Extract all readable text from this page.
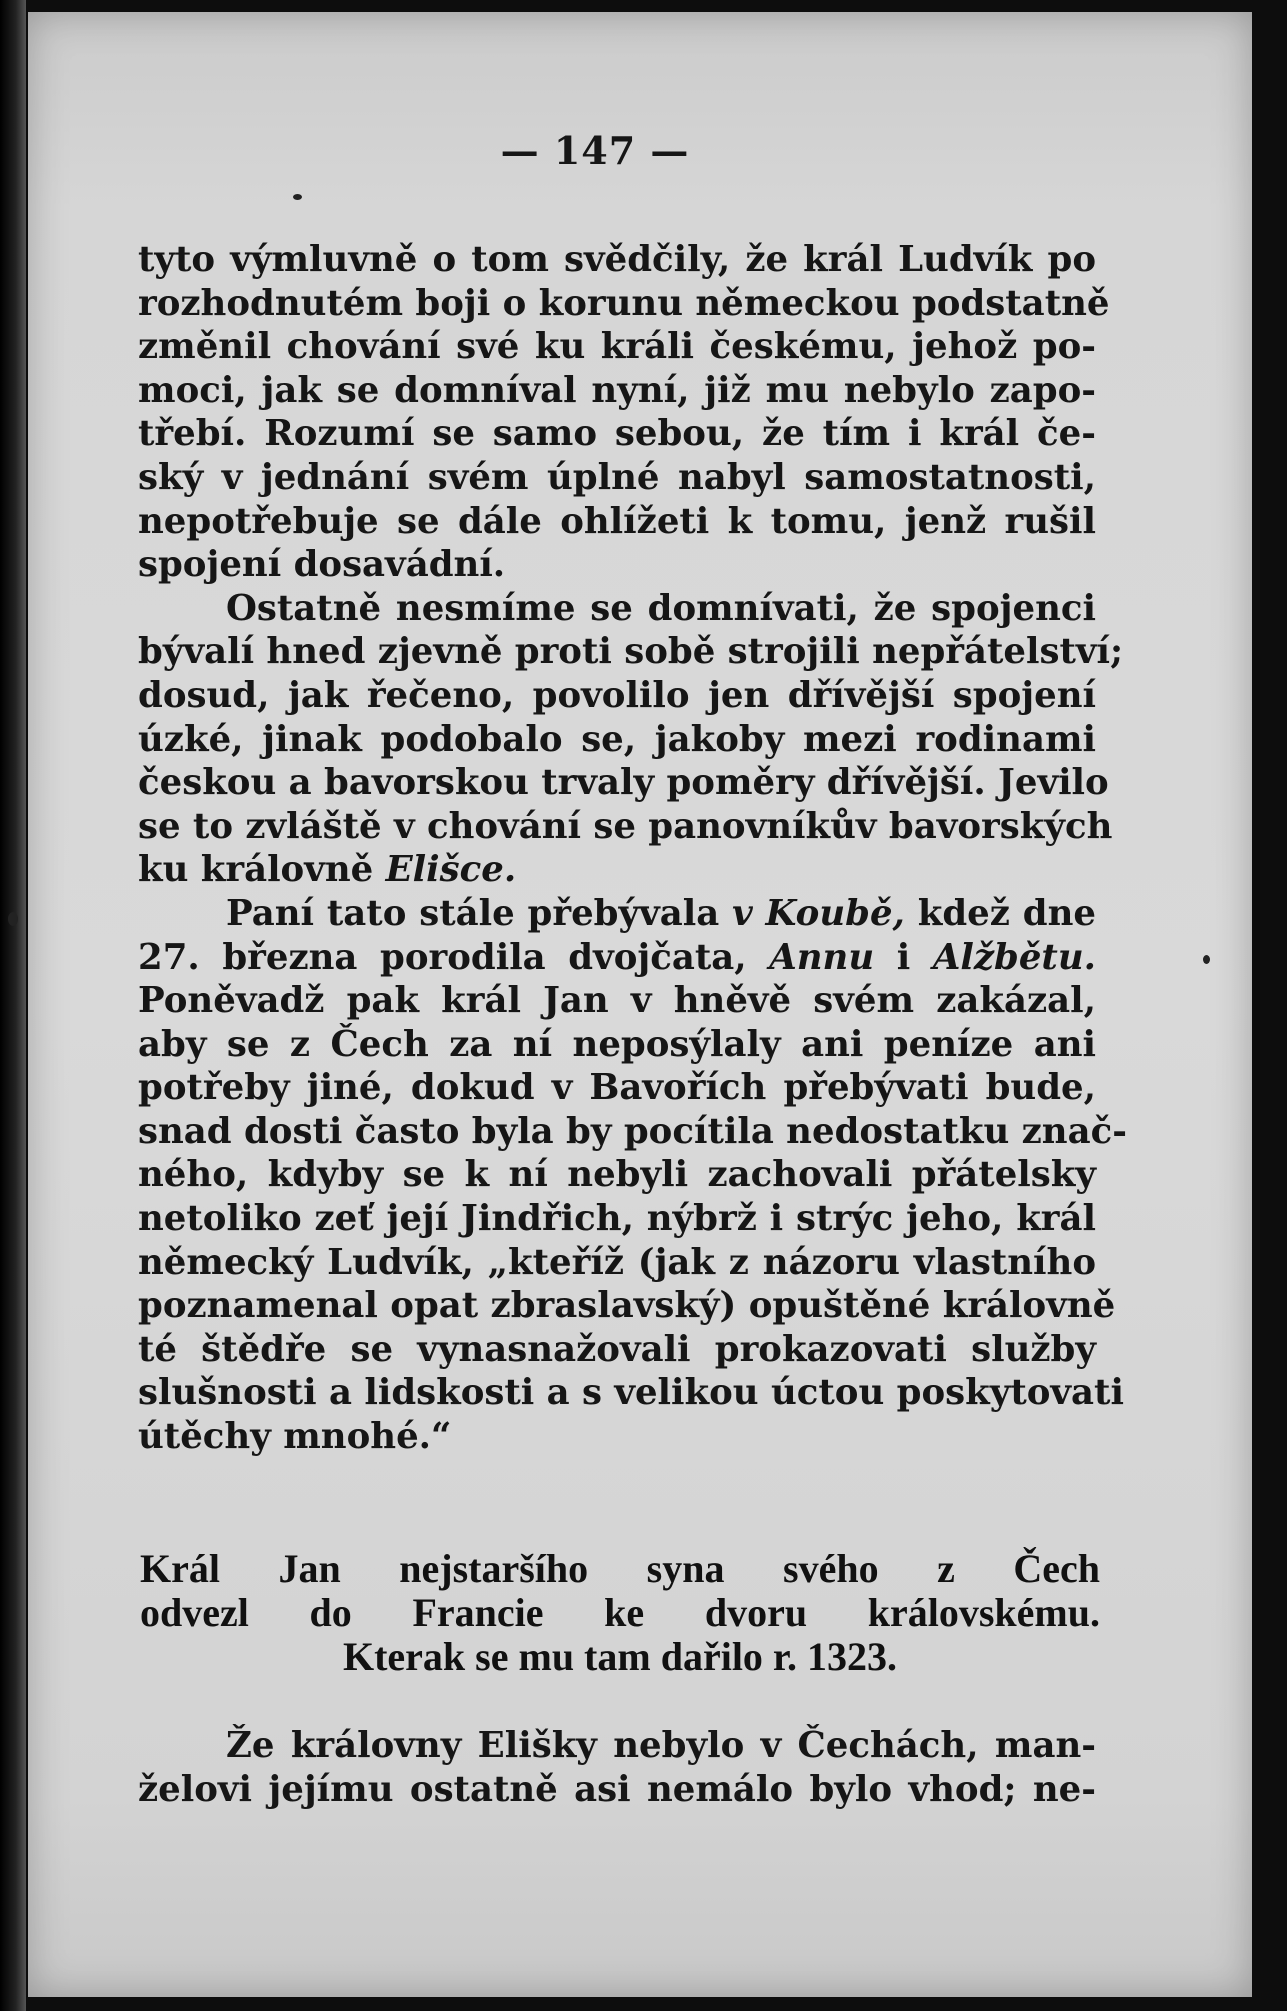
— 147 —
tyto výmluvně o tom svědčily, že král Ludvík po
rozhodnutém boji o korunu německou podstatně
změnil chování své ku králi českému, jehož po-
moci, jak se domníval nyní, již mu nebylo zapo-
třebí. Rozumí se samo sebou, že tím i král če-
ský v jednání svém úplné nabyl samostatnosti,
nepotřebuje se dále ohlížeti k tomu, jenž rušil
spojení dosavádní.
Ostatně nesmíme se domnívati, že spojenci
bývalí hned zjevně proti sobě strojili nepřátelství;
dosud, jak řečeno, povolilo jen dřívější spojení
úzké, jinak podobalo se, jakoby mezi rodinami
českou a bavorskou trvaly poměry dřívější. Jevilo
se to zvláště v chování se panovníkův bavorských
ku královně Elišce.
Paní tato stále přebývala v Koubě, kdež dne
27. března porodila dvojčata, Annu i Alžbětu.
Poněvadž pak král Jan v hněvě svém zakázal,
aby se z Čech za ní neposýlaly ani peníze ani
potřeby jiné, dokud v Bavořích přebývati bude,
snad dosti často byla by pocítila nedostatku znač-
ného, kdyby se k ní nebyli zachovali přátelsky
netoliko zeť její Jindřich, nýbrž i strýc jeho, král
německý Ludvík, „kteříž (jak z názoru vlastního
poznamenal opat zbraslavský) opuštěné královně
té štědře se vynasnažovali prokazovati služby
slušnosti a lidskosti a s velikou úctou poskytovati
útěchy mnohé.“
Král Jan nejstaršího syna svého z Čech
odvezl do Francie ke dvoru královskému.
Kterak se mu tam dařilo r. 1323.
Že královny Elišky nebylo v Čechách, man-
želovi jejímu ostatně asi nemálo bylo vhod; ne-
